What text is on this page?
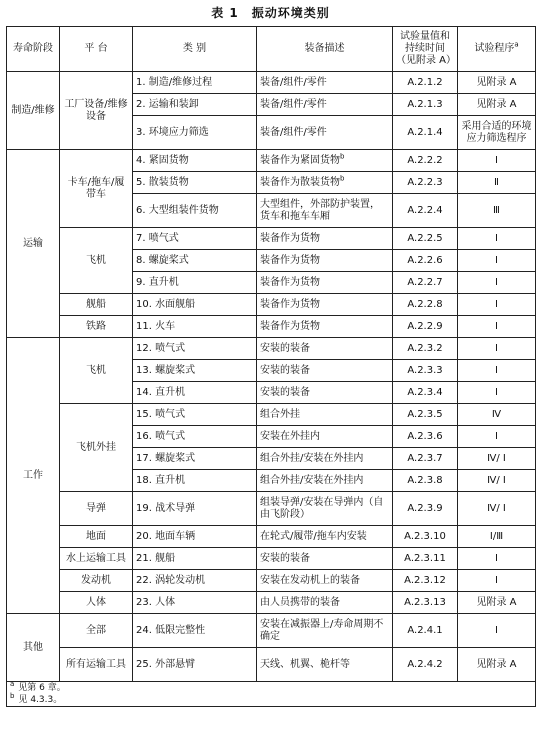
表 1　振动环境类别
寿命阶段	平 台	类 别	装备描述	试验量值和持续时间（见附录 A）	试验程序$^a$
制造/维修	工厂设备/维修设备	1. 制造/维修过程	装备/组件/零件	A.2.1.2	见附录 A
		2. 运输和装卸	装备/组件/零件	A.2.1.3	见附录 A
		3. 环境应力筛选	装备/组件/零件	A.2.1.4	采用合适的环境应力筛选程序
运输	卡车/拖车/履带车	4. 紧固货物	装备作为紧固货物$^b$	A.2.2.2	Ⅰ
		5. 散装货物	装备作为散装货物$^b$	A.2.2.3	Ⅱ
		6. 大型组装件货物	大型组件，外部防护装置，货车和拖车车厢	A.2.2.4	Ⅲ
	飞机	7. 喷气式	装备作为货物	A.2.2.5	Ⅰ
		8. 螺旋桨式	装备作为货物	A.2.2.6	Ⅰ
		9. 直升机	装备作为货物	A.2.2.7	Ⅰ
	舰船	10. 水面舰船	装备作为货物	A.2.2.8	Ⅰ
	铁路	11. 火车	装备作为货物	A.2.2.9	Ⅰ
工作	飞机	12. 喷气式	安装的装备	A.2.3.2	Ⅰ
		13. 螺旋桨式	安装的装备	A.2.3.3	Ⅰ
		14. 直升机	安装的装备	A.2.3.4	Ⅰ
	飞机外挂	15. 喷气式	组合外挂	A.2.3.5	Ⅳ
		16. 喷气式	安装在外挂内	A.2.3.6	Ⅰ
		17. 螺旋桨式	组合外挂/安装在外挂内	A.2.3.7	Ⅳ/ Ⅰ
		18. 直升机	组合外挂/安装在外挂内	A.2.3.8	Ⅳ/ Ⅰ
	导弹	19. 战术导弹	组装导弹/安装在导弹内（自由飞阶段）	A.2.3.9	Ⅳ/ Ⅰ
	地面	20. 地面车辆	在轮式/履带/拖车内安装	A.2.3.10	Ⅰ/Ⅲ
	水上运输工具	21. 舰船	安装的装备	A.2.3.11	Ⅰ
	发动机	22. 涡轮发动机	安装在发动机上的装备	A.2.3.12	Ⅰ
	人体	23. 人体	由人员携带的装备	A.2.3.13	见附录 A
其他	全部	24. 低限完整性	安装在减振器上/寿命周期不确定	A.2.4.1	Ⅰ
	所有运输工具	25. 外部悬臂	天线、机翼、桅杆等	A.2.4.2	见附录 A

$^a$ 见第 6 章。
$^b$ 见 4.3.3。					
